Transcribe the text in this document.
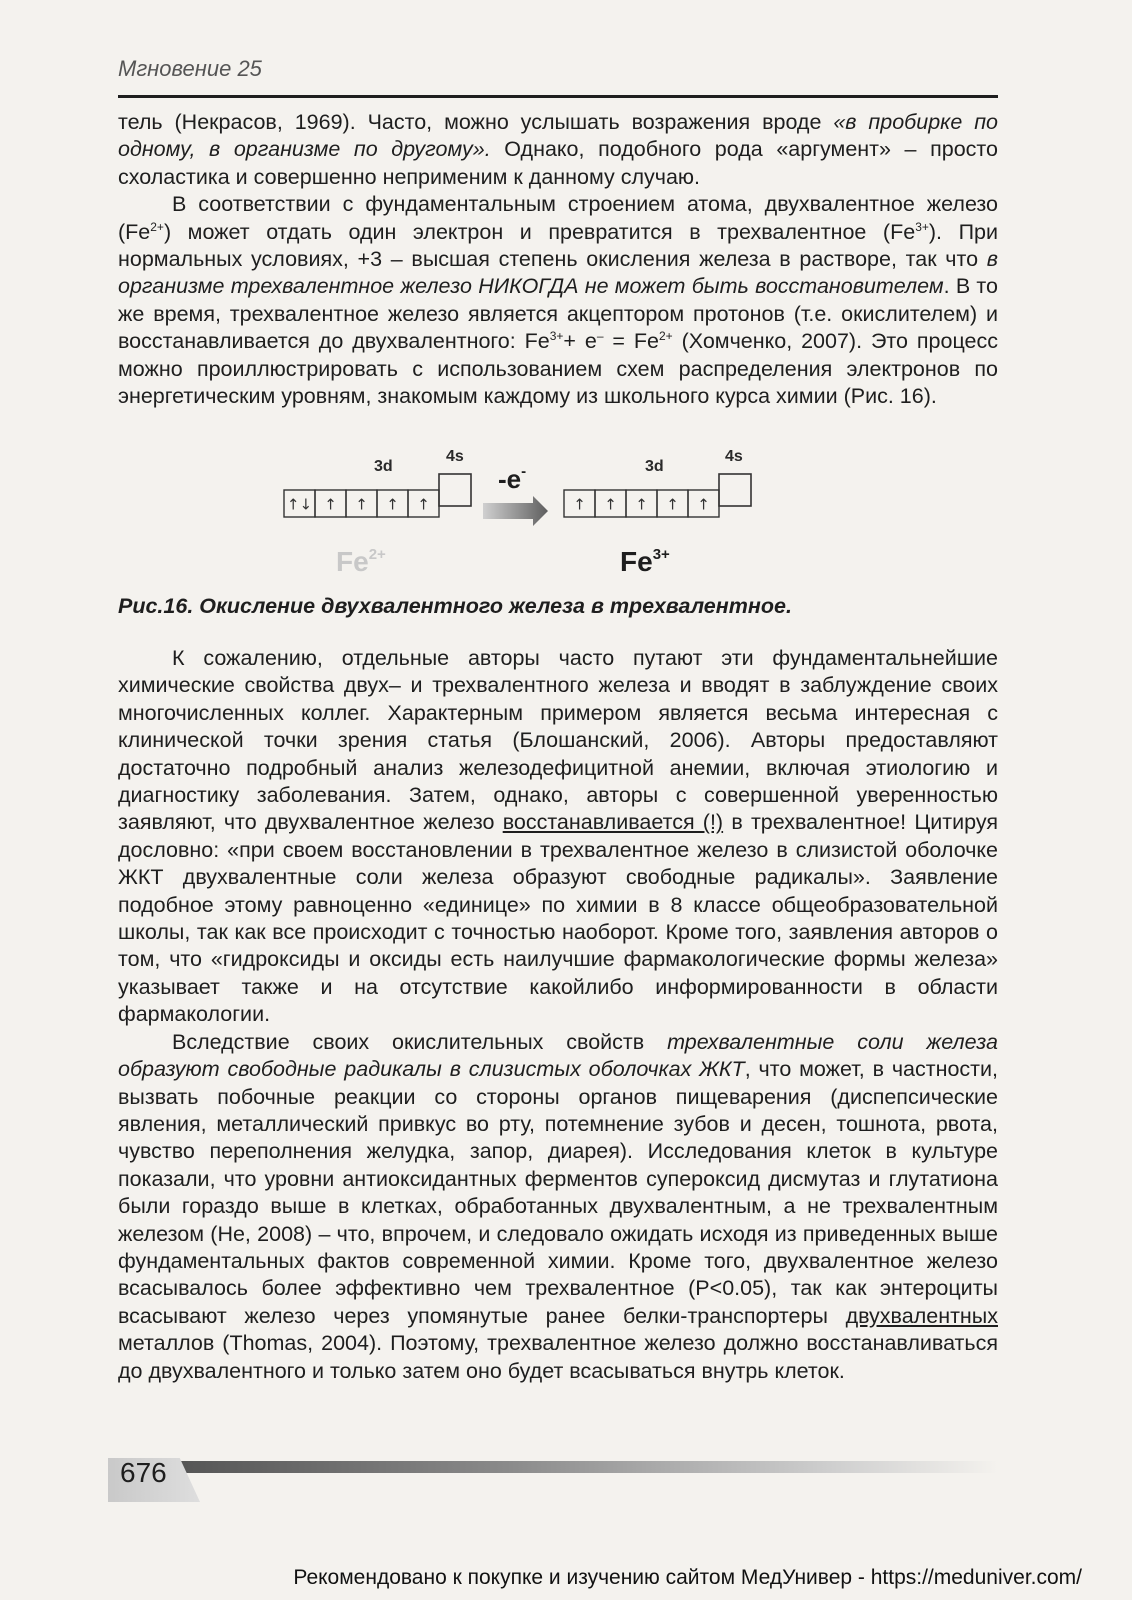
Мгновение 25

тель (Некрасов, 1969). Часто, можно услышать возражения вроде «в пробирке по одному, в организме по другому». Однако, подобного рода «аргумент» – просто схоластика и совершенно неприменим к данному случаю.

В соответствии с фундаментальным строением атома, двухвалентное железо $(Fe^{2+})$ может отдать один электрон и превратится в трехвалентное $(Fe^{3+})$. При нормальных условиях, +3 – высшая степень окисления железа в растворе, так что в организме трехвалентное железо НИКОГДА не может быть восстановителем. В то же время, трехвалентное железо является акцептором протонов (т.е. окислителем) и восстанавливается до двухвалентного: $Fe^{3+}+ e^- = Fe^{2+}$ (Хомченко, 2007). Это процесс можно проиллюстрировать с использованием схем распределения электронов по энергетическим уровням, знакомым каждому из школьного курса химии (Рис. 16).

↑↓ ↑ ↑ ↑ ↑	↑ ↑ ↑ ↑ ↑
3d
4s
3d
4s
-e-
$Fe^{2+}$	$Fe^{3+}$
Рис.16. Окисление двухвалентного железа в трехвалентное.

К сожалению, отдельные авторы часто путают эти фундаментальнейшие химические свойства двух– и трехвалентного железа и вводят в заблуждение своих многочисленных коллег. Характерным примером является весьма интересная с клинической точки зрения статья (Блошанский, 2006). Авторы предоставляют достаточно подробный анализ железодефицитной анемии, включая этиологию и диагностику заболевания. Затем, однако, авторы с совершенной уверенностью заявляют, что двухвалентное железо восстанавливается (!) в трехвалентное! Цитируя дословно: «при своем восстановлении в трехвалентное железо в слизистой оболочке ЖКТ двухвалентные соли железа образуют свободные радикалы». Заявление подобное этому равноценно «единице» по химии в 8 классе общеобразовательной школы, так как все происходит с точностью наоборот. Кроме того, заявления авторов о том, что «гидроксиды и оксиды есть наилучшие фармакологические формы железа» указывает также и на отсутствие какойлибо информированности в области фармакологии.

Вследствие своих окислительных свойств трехвалентные соли железа образуют свободные радикалы в слизистых оболочках ЖКТ, что может, в частности, вызвать побочные реакции со стороны органов пищеварения (диспепсические явления, металлический привкус во рту, потемнение зубов и десен, тошнота, рвота, чувство переполнения желудка, запор, диарея). Исследования клеток в культуре показали, что уровни антиоксидантных ферментов супероксид дисмутаз и глутатиона были гораздо выше в клетках, обработанных двухвалентным, а не трехвалентным железом (He, 2008) – что, впрочем, и следовало ожидать исходя из приведенных выше фундаментальных фактов современной химии. Кроме того, двухвалентное железо всасывалось более эффективно чем трехвалентное (P<0.05), так как энтероциты всасывают железо через упомянутые ранее белки-транспортеры двухвалентных металлов (Thomas, 2004). Поэтому, трехвалентное железо должно восстанавливаться до двухвалентного и только затем оно будет всасываться внутрь клеток.

676
Рекомендовано к покупке и изучению сайтом МедУнивер - https://meduniver.com/
